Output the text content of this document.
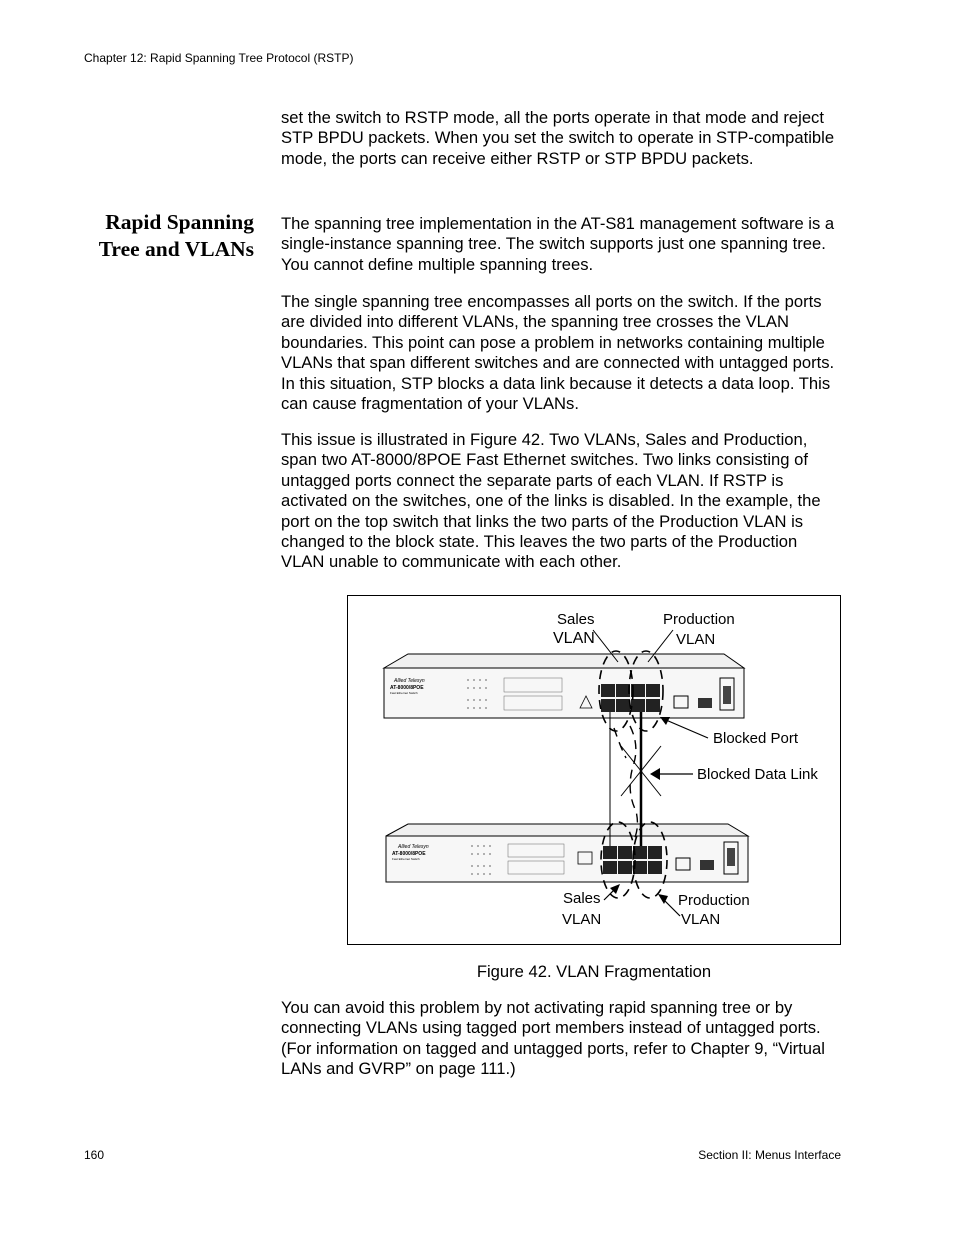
Chapter 12: Rapid Spanning Tree Protocol (RSTP)

set the switch to RSTP mode, all the ports operate in that mode and reject STP BPDU packets. When you set the switch to operate in STP-compatible mode, the ports can receive either RSTP or STP BPDU packets.

Rapid Spanning
Tree and VLANs

The spanning tree implementation in the AT-S81 management software is a single-instance spanning tree. The switch supports just one spanning tree. You cannot define multiple spanning trees.

The single spanning tree encompasses all ports on the switch. If the ports are divided into different VLANs, the spanning tree crosses the VLAN boundaries. This point can pose a problem in networks containing multiple VLANs that span different switches and are connected with untagged ports. In this situation, STP blocks a data link because it detects a data loop. This can cause fragmentation of your VLANs.

This issue is illustrated in Figure 42. Two VLANs, Sales and Production, span two AT-8000/8POE Fast Ethernet switches. Two links consisting of untagged ports connect the separate parts of each VLAN. If RSTP is activated on the switches, one of the links is disabled. In the example, the port on the top switch that links the two parts of the Production VLAN is changed to the block state. This leaves the two parts of the Production VLAN unable to communicate with each other.

Allied Telesyn
AT-8000/8POE
Fast Ethernet Switch
Allied Telesyn
AT-8000/8POE
Fast Ethernet Switch
Sales
VLAN
Production
VLAN
Blocked Port
Blocked Data Link
Sales
VLAN
Production
VLAN
Figure 42. VLAN Fragmentation

You can avoid this problem by not activating rapid spanning tree or by connecting VLANs using tagged port members instead of untagged ports. (For information on tagged and untagged ports, refer to Chapter 9, “Virtual LANs and GVRP” on page 111.)

160	Section II: Menus Interface
